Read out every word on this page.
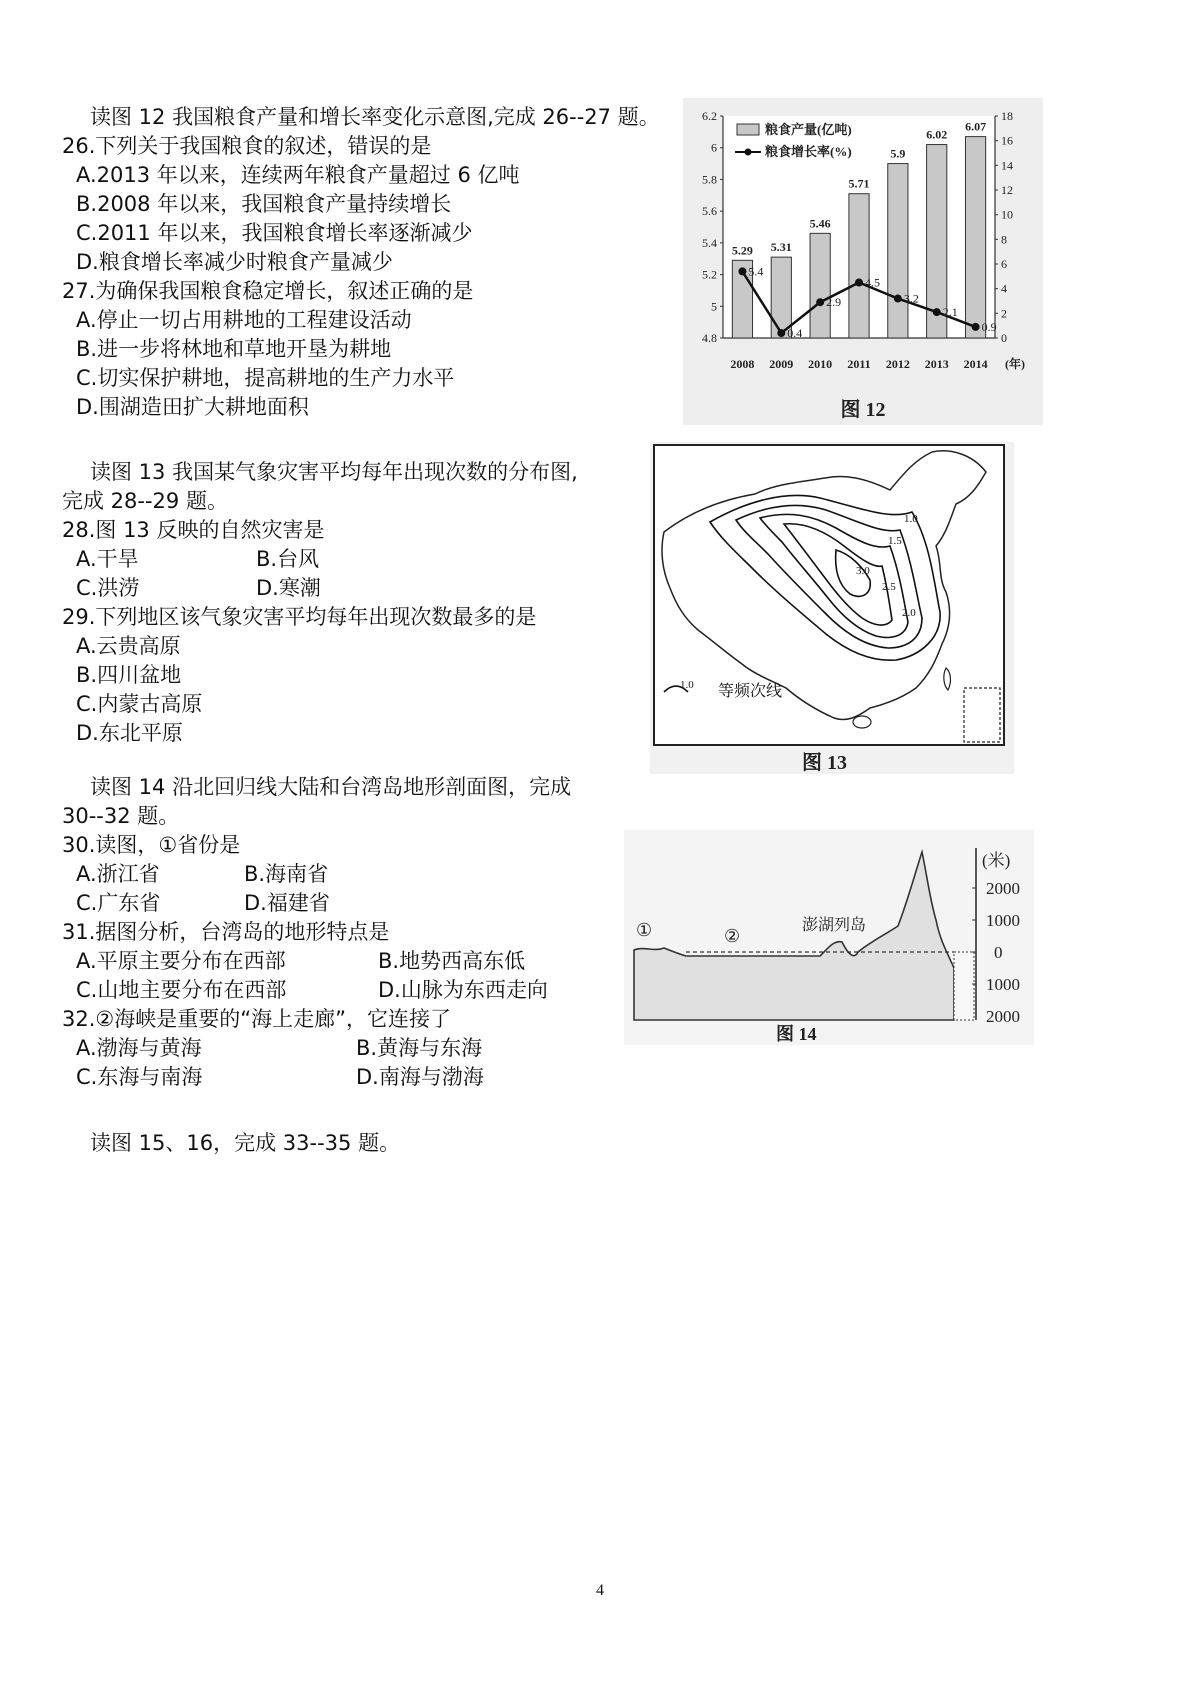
读图 12 我国粮食产量和增长率变化示意图,完成 26--27 题。
26.下列关于我国粮食的叙述，错误的是
A.2013 年以来，连续两年粮食产量超过 6 亿吨
B.2008 年以来，我国粮食产量持续增长
C.2011 年以来，我国粮食增长率逐渐减少
D.粮食增长率减少时粮食产量减少
27.为确保我国粮食稳定增长，叙述正确的是
A.停止一切占用耕地的工程建设活动
B.进一步将林地和草地开垦为耕地
C.切实保护耕地，提高耕地的生产力水平
D.围湖造田扩大耕地面积
4.8
5
5.2
5.4
5.6
5.8
6
6.2
0
2
4
6
8
10
12
14
16
18
5.29 5.31
5.46
5.71
5.9
6.02
6.07
5.4
0.4
2.9
4.5
3.2
2.1
0.9
2008 2009 2010 2011 2012 2013 2014 (年)
粮食产量(亿吨)
粮食增长率(%)
图 12
读图 13 我国某气象灾害平均每年出现次数的分布图,
完成 28--29 题。
28.图 13 反映的自然灾害是
A.干旱	B.台风
C.洪涝	D.寒潮
29.下列地区该气象灾害平均每年出现次数最多的是
A.云贵高原
B.四川盆地
C.内蒙古高原
D.东北平原
1.0
1.5
2.0
2.5
3.0
1.0 等频次线
图 13
读图 14 沿北回归线大陆和台湾岛地形剖面图，完成
30--32 题。
30.读图，①省份是
A.浙江省	B.海南省
C.广东省	D.福建省
31.据图分析，台湾岛的地形特点是
A.平原主要分布在西部	B.地势西高东低
C.山地主要分布在西部	D.山脉为东西走向
32.②海峡是重要的“海上走廊”，它连接了
A.渤海与黄海	B.黄海与东海
C.东海与南海	D.南海与渤海
(米)
2000
1000
0
1000
2000
①	②
澎湖列岛
图 14
读图 15、16，完成 33--35 题。
4
